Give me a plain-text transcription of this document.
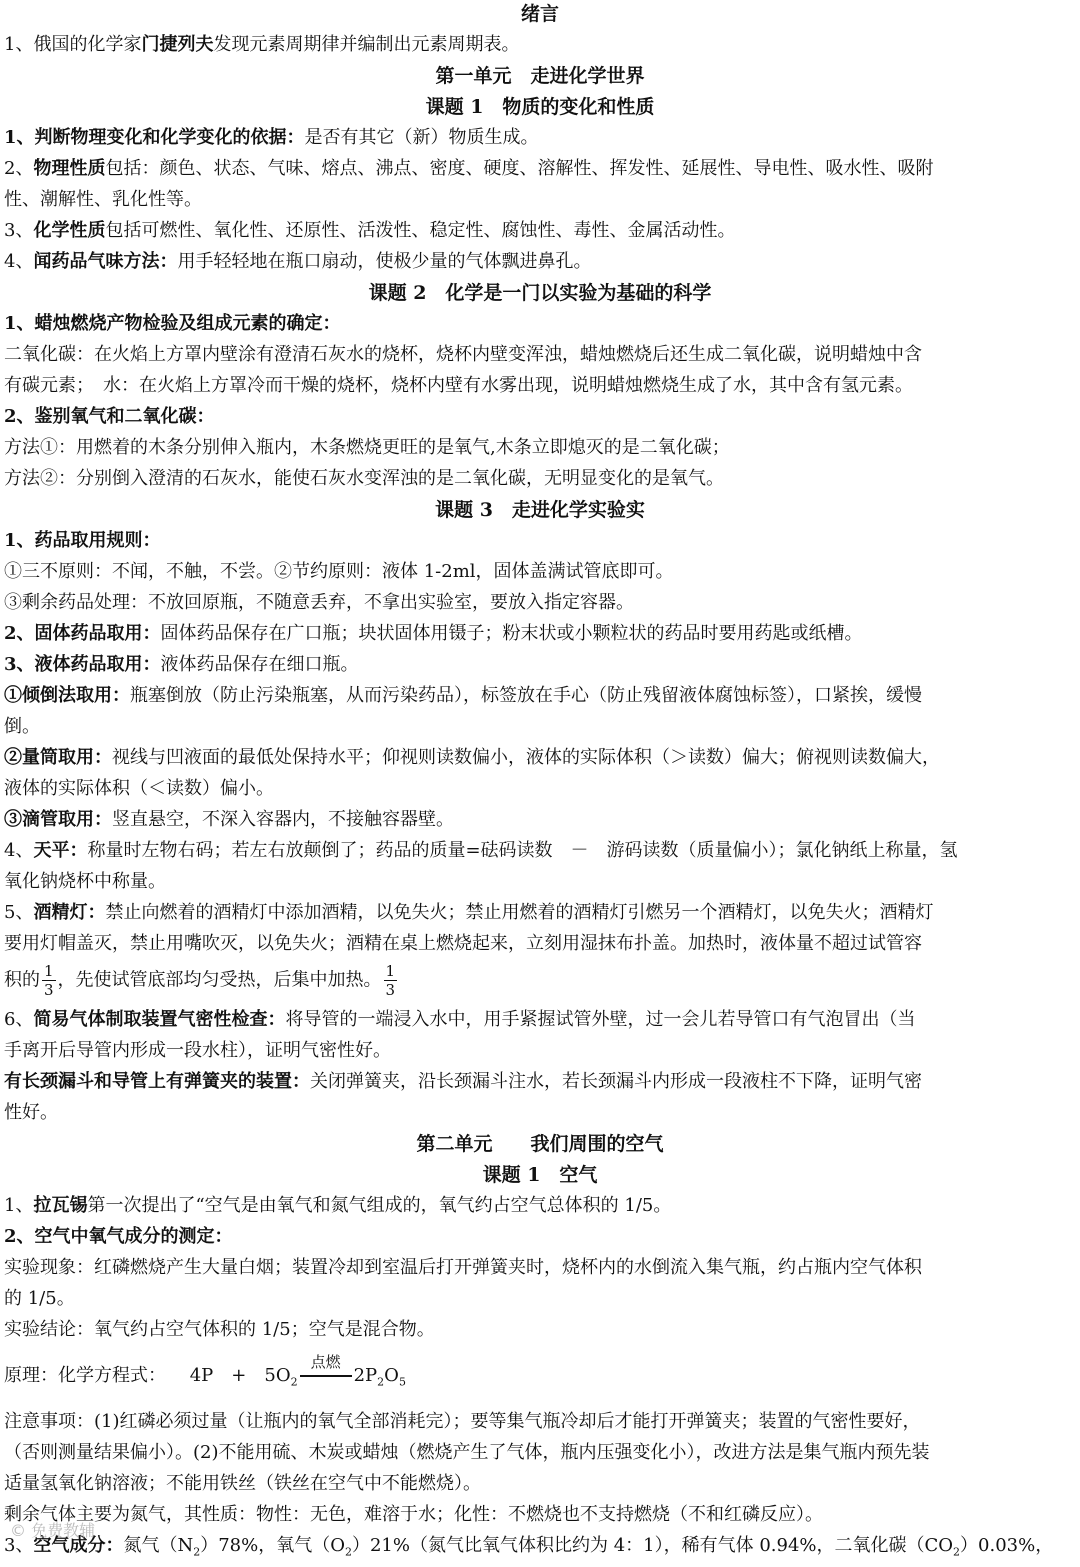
绪言
1、俄国的化学家门捷列夫发现元素周期律并编制出元素周期表。
第一单元　走进化学世界
课题 1　物质的变化和性质
1、判断物理变化和化学变化的依据：是否有其它（新）物质生成。
2、物理性质包括：颜色、状态、气味、熔点、沸点、密度、硬度、溶解性、挥发性、延展性、导电性、吸水性、吸附
性、潮解性、乳化性等。
3、化学性质包括可燃性、氧化性、还原性、活泼性、稳定性、腐蚀性、毒性、金属活动性。
4、闻药品气味方法：用手轻轻地在瓶口扇动，使极少量的气体飘进鼻孔。
课题 2　化学是一门以实验为基础的科学
1、蜡烛燃烧产物检验及组成元素的确定：
二氧化碳：在火焰上方罩内壁涂有澄清石灰水的烧杯，烧杯内壁变浑浊，蜡烛燃烧后还生成二氧化碳，说明蜡烛中含
有碳元素；　水：在火焰上方罩冷而干燥的烧杯，烧杯内壁有水雾出现，说明蜡烛燃烧生成了水，其中含有氢元素。
2、鉴别氧气和二氧化碳：
方法①：用燃着的木条分别伸入瓶内，木条燃烧更旺的是氧气,木条立即熄灭的是二氧化碳；
方法②：分别倒入澄清的石灰水，能使石灰水变浑浊的是二氧化碳，无明显变化的是氧气。
课题 3　走进化学实验实
1、药品取用规则：
①三不原则：不闻，不触，不尝。②节约原则：液体 1-2ml，固体盖满试管底即可。
③剩余药品处理：不放回原瓶，不随意丢弃，不拿出实验室，要放入指定容器。
2、固体药品取用：固体药品保存在广口瓶；块状固体用镊子；粉末状或小颗粒状的药品时要用药匙或纸槽。
3、液体药品取用：液体药品保存在细口瓶。
①倾倒法取用：瓶塞倒放（防止污染瓶塞，从而污染药品），标签放在手心（防止残留液体腐蚀标签），口紧挨，缓慢
倒。
②量筒取用：视线与凹液面的最低处保持水平；仰视则读数偏小，液体的实际体积（＞读数）偏大；俯视则读数偏大，
液体的实际体积（＜读数）偏小。
③滴管取用：竖直悬空，不深入容器内，不接触容器壁。
4、天平：称量时左物右码；若左右放颠倒了；药品的质量=砝码读数　－　游码读数（质量偏小）；氯化钠纸上称量，氢
氧化钠烧杯中称量。
5、酒精灯：禁止向燃着的酒精灯中添加酒精，以免失火；禁止用燃着的酒精灯引燃另一个酒精灯，以免失火；酒精灯
要用灯帽盖灭，禁止用嘴吹灭，以免失火；酒精在桌上燃烧起来，立刻用湿抹布扑盖。加热时，液体量不超过试管容
积的 $\frac{1}{3}$ ，先使试管底部均匀受热，后集中加热。 $\frac{1}{3}$
6、简易气体制取装置气密性检查：将导管的一端浸入水中，用手紧握试管外壁，过一会儿若导管口有气泡冒出（当
手离开后导管内形成一段水柱），证明气密性好。
有长颈漏斗和导管上有弹簧夹的装置：关闭弹簧夹，沿长颈漏斗注水，若长颈漏斗内形成一段液柱不下降，证明气密
性好。
第二单元　　我们周围的空气
课题 1　空气
1、拉瓦锡第一次提出了“空气是由氧气和氮气组成的，氧气约占空气总体积的 1/5。
2、空气中氧气成分的测定：
实验现象：红磷燃烧产生大量白烟；装置冷却到室温后打开弹簧夹时，烧杯内的水倒流入集气瓶，约占瓶内空气体积
的 1/5。
实验结论：氧气约占空气体积的 1/5；空气是混合物。
原理：化学方程式： 4P　+　$5O_2$
点燃
$2P_2O_5$
注意事项：(1)红磷必须过量（让瓶内的氧气全部消耗完）；要等集气瓶冷却后才能打开弹簧夹；装置的气密性要好，
（否则测量结果偏小）。(2)不能用硫、木炭或蜡烛（燃烧产生了气体，瓶内压强变化小），改进方法是集气瓶内预先装
适量氢氧化钠溶液；不能用铁丝（铁丝在空气中不能燃烧）。
剩余气体主要为氮气，其性质：物性：无色，难溶于水；化性：不燃烧也不支持燃烧（不和红磷反应）。
3、空气成分：氮气$(N_2)78\%$，氧气$(O_2)21\%$（氮气比氧气体积比约为 4：1），稀有气体 0.94%，二氧化碳$(CO_2)0.03\%$，
© 免费教辅
